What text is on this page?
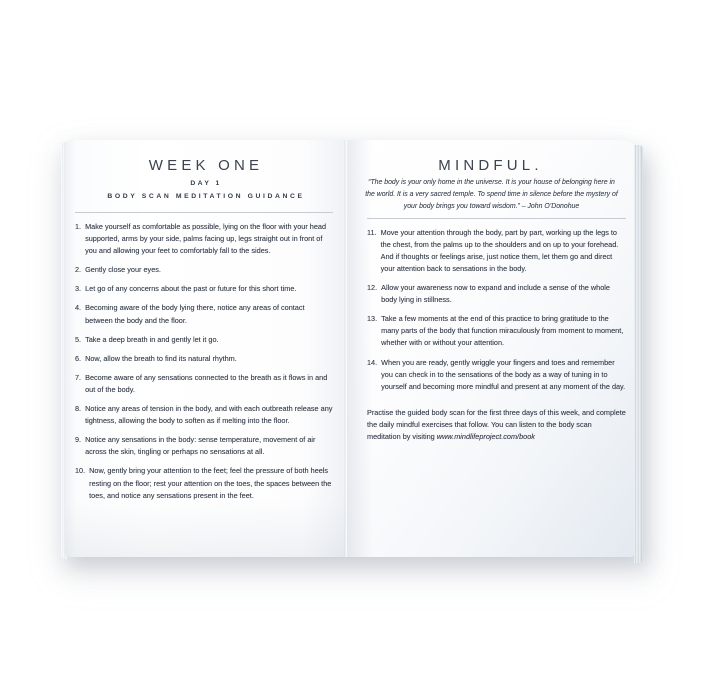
WEEK ONE
DAY 1
BODY SCAN MEDITATION GUIDANCE
1. Make yourself as comfortable as possible, lying on the floor with your head supported, arms by your side, palms facing up, legs straight out in front of you and allowing your feet to comfortably fall to the sides.
2. Gently close your eyes.
3. Let go of any concerns about the past or future for this short time.
4. Becoming aware of the body lying there, notice any areas of contact between the body and the floor.
5. Take a deep breath in and gently let it go.
6. Now, allow the breath to find its natural rhythm.
7. Become aware of any sensations connected to the breath as it flows in and out of the body.
8. Notice any areas of tension in the body, and with each outbreath release any tightness, allowing the body to soften as if melting into the floor.
9. Notice any sensations in the body: sense temperature, movement of air across the skin, tingling or perhaps no sensations at all.
10. Now, gently bring your attention to the feet; feel the pressure of both heels resting on the floor; rest your attention on the toes, the spaces between the toes, and notice any sensations present in the feet.
MINDFUL.

“The body is your only home in the universe. It is your house of belonging here in the world. It is a very sacred temple. To spend time in silence before the mystery of your body brings you toward wisdom.” – John O’Donohue

11. Move your attention through the body, part by part, working up the legs to the chest, from the palms up to the shoulders and on up to your forehead. And if thoughts or feelings arise, just notice them, let them go and direct your attention back to sensations in the body.
12. Allow your awareness now to expand and include a sense of the whole body lying in stillness.
13. Take a few moments at the end of this practice to bring gratitude to the many parts of the body that function miraculously from moment to moment, whether with or without your attention.
14. When you are ready, gently wriggle your fingers and toes and remember you can check in to the sensations of the body as a way of tuning in to yourself and becoming more mindful and present at any moment of the day.

Practise the guided body scan for the first three days of this week, and complete the daily mindful exercises that follow. You can listen to the body scan meditation by visiting www.mindlifeproject.com/book
